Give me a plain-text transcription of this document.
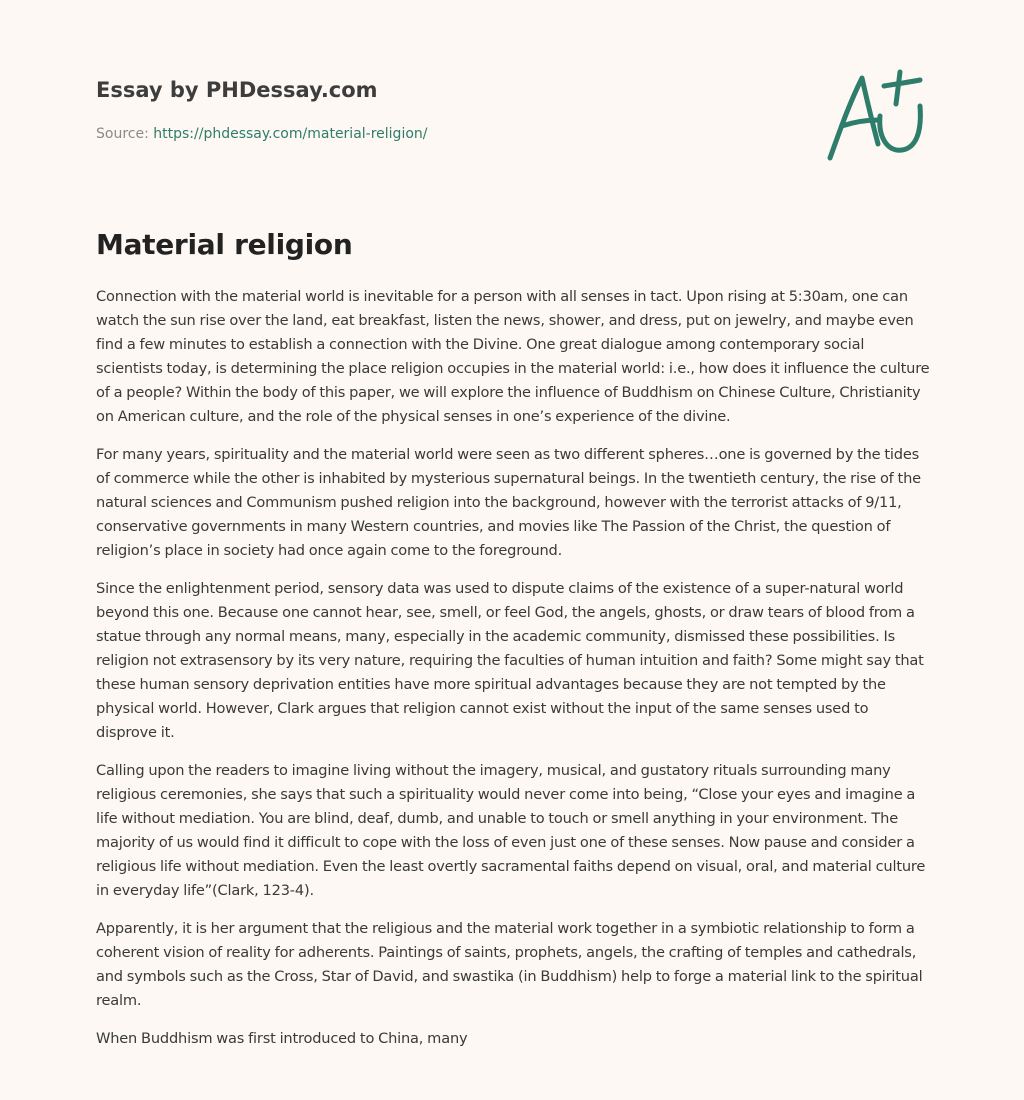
Essay by PHDessay.com
Source: https://phdessay.com/material-religion/
Material religion

Connection with the material world is inevitable for a person with all senses in tact. Upon rising at 5:30am, one can watch the sun rise over the land, eat breakfast, listen the news, shower, and dress, put on jewelry, and maybe even find a few minutes to establish a connection with the Divine. One great dialogue among contemporary social scientists today, is determining the place religion occupies in the material world: i.e., how does it influence the culture of a people? Within the body of this paper, we will explore the influence of Buddhism on Chinese Culture, Christianity on American culture, and the role of the physical senses in one’s experience of the divine.

For many years, spirituality and the material world were seen as two different spheres…one is governed by the tides of commerce while the other is inhabited by mysterious supernatural beings. In the twentieth century, the rise of the natural sciences and Communism pushed religion into the background, however with the terrorist attacks of 9/11, conservative governments in many Western countries, and movies like The Passion of the Christ, the question of religion’s place in society had once again come to the foreground.

Since the enlightenment period, sensory data was used to dispute claims of the existence of a super-natural world beyond this one. Because one cannot hear, see, smell, or feel God, the angels, ghosts, or draw tears of blood from a statue through any normal means, many, especially in the academic community, dismissed these possibilities. Is religion not extrasensory by its very nature, requiring the faculties of human intuition and faith? Some might say that these human sensory deprivation entities have more spiritual advantages because they are not tempted by the physical world. However, Clark argues that religion cannot exist without the input of the same senses used to disprove it.

Calling upon the readers to imagine living without the imagery, musical, and gustatory rituals surrounding many religious ceremonies, she says that such a spirituality would never come into being, “Close your eyes and imagine a life without mediation. You are blind, deaf, dumb, and unable to touch or smell anything in your environment. The majority of us would find it difficult to cope with the loss of even just one of these senses. Now pause and consider a religious life without mediation. Even the least overtly sacramental faiths depend on visual, oral, and material culture in everyday life”(Clark, 123-4).

Apparently, it is her argument that the religious and the material work together in a symbiotic relationship to form a coherent vision of reality for adherents. Paintings of saints, prophets, angels, the crafting of temples and cathedrals, and symbols such as the Cross, Star of David, and swastika (in Buddhism) help to forge a material link to the spiritual realm.

When Buddhism was first introduced to China, many
